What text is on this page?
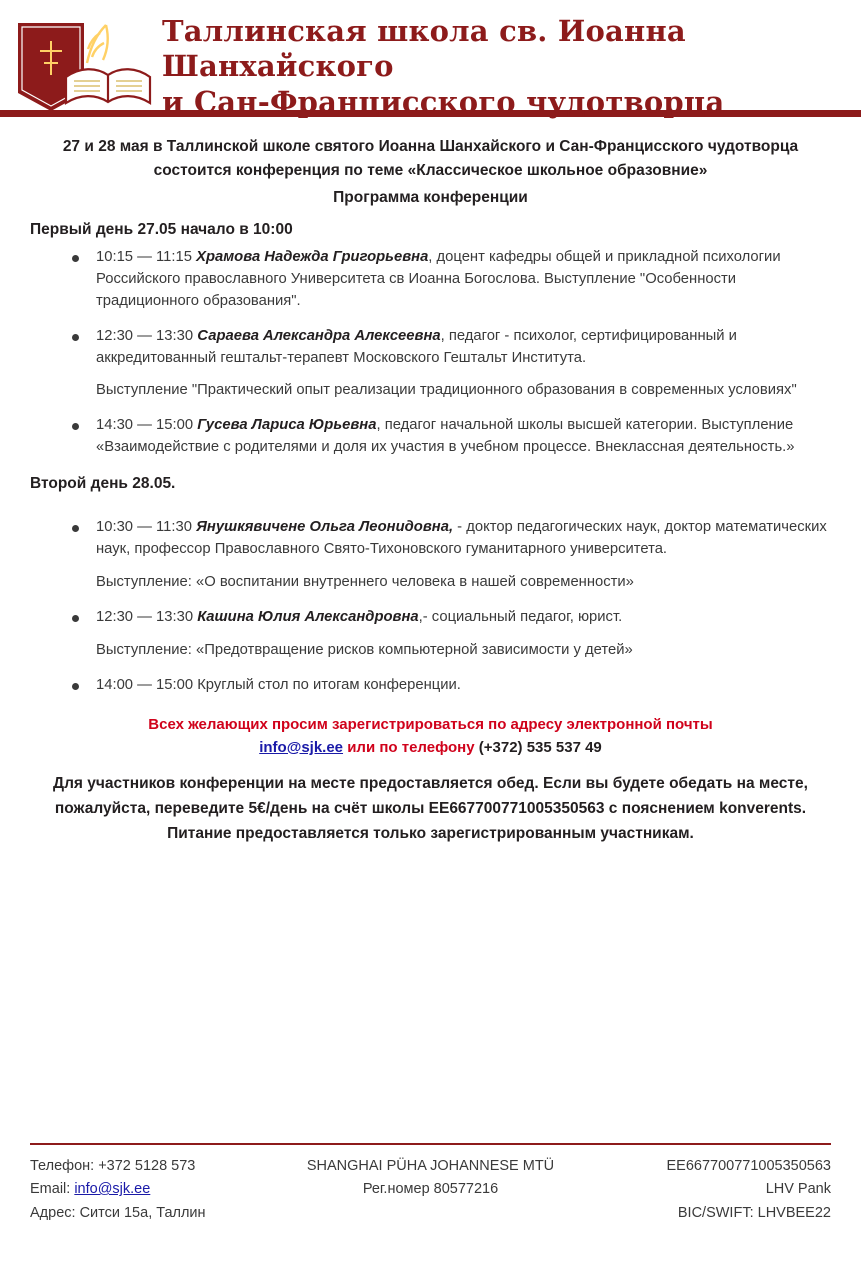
Таллинская школа св. Иоанна Шанхайского
и Сан-Францисского чудотворца

27 и 28 мая в Таллинской школе святого Иоанна Шанхайского и Сан-Францисского чудотворца состоится конференция по теме «Классическое школьное образовние»

Программа конференции

Первый день 27.05 начало в 10:00
10:15 — 11:15 Храмова Надежда Григорьевна, доцент кафедры общей и прикладной психологии Российского православного Университета св Иоанна Богослова. Выступление "Особенности традиционного образования".
12:30 — 13:30 Сараева Александра Алексеевна, педагог - психолог, сертифицированный и аккредитованный гештальт-терапевт Московского Гештальт Института.
Выступление "Практический опыт реализации традиционного образования в современных условиях"
14:30 — 15:00 Гусева Лариса Юрьевна, педагог начальной школы высшей категории. Выступление «Взаимодействие с родителями и доля их участия в учебном процессе. Внеклассная деятельность.»
Второй день 28.05.
10:30 — 11:30 Янушкявичене Ольга Леонидовна, - доктор педагогических наук, доктор математических наук, профессор Православного Свято-Тихоновского гуманитарного университета.
Выступление: «О воспитании внутреннего человека в нашей современности»
12:30 — 13:30 Кашина Юлия Александровна,- социальный педагог, юрист.
Выступление: «Предотвращение рисков компьютерной зависимости у детей»
14:00 — 15:00 Круглый стол по итогам конференции.

Всех желающих просим зарегистрироваться по адресу электронной почты
info@sjk.ee или по телефону (+372) 535 537 49

Для участников конференции на месте предоставляется обед. Если вы будете обедать на месте, пожалуйста, переведите 5€/день на счёт школы EE667700771005350563 с пояснением konverents. Питание предоставляется только зарегистрированным участникам.

Телефон: +372 5128 573
Email: info@sjk.ee
Адрес: Ситси 15а, Таллин
SHANGHAI PÜHA JOHANNESE MTÜ
Рег.номер 80577216
EE667700771005350563
LHV Pank
BIC/SWIFT: LHVBEE22
